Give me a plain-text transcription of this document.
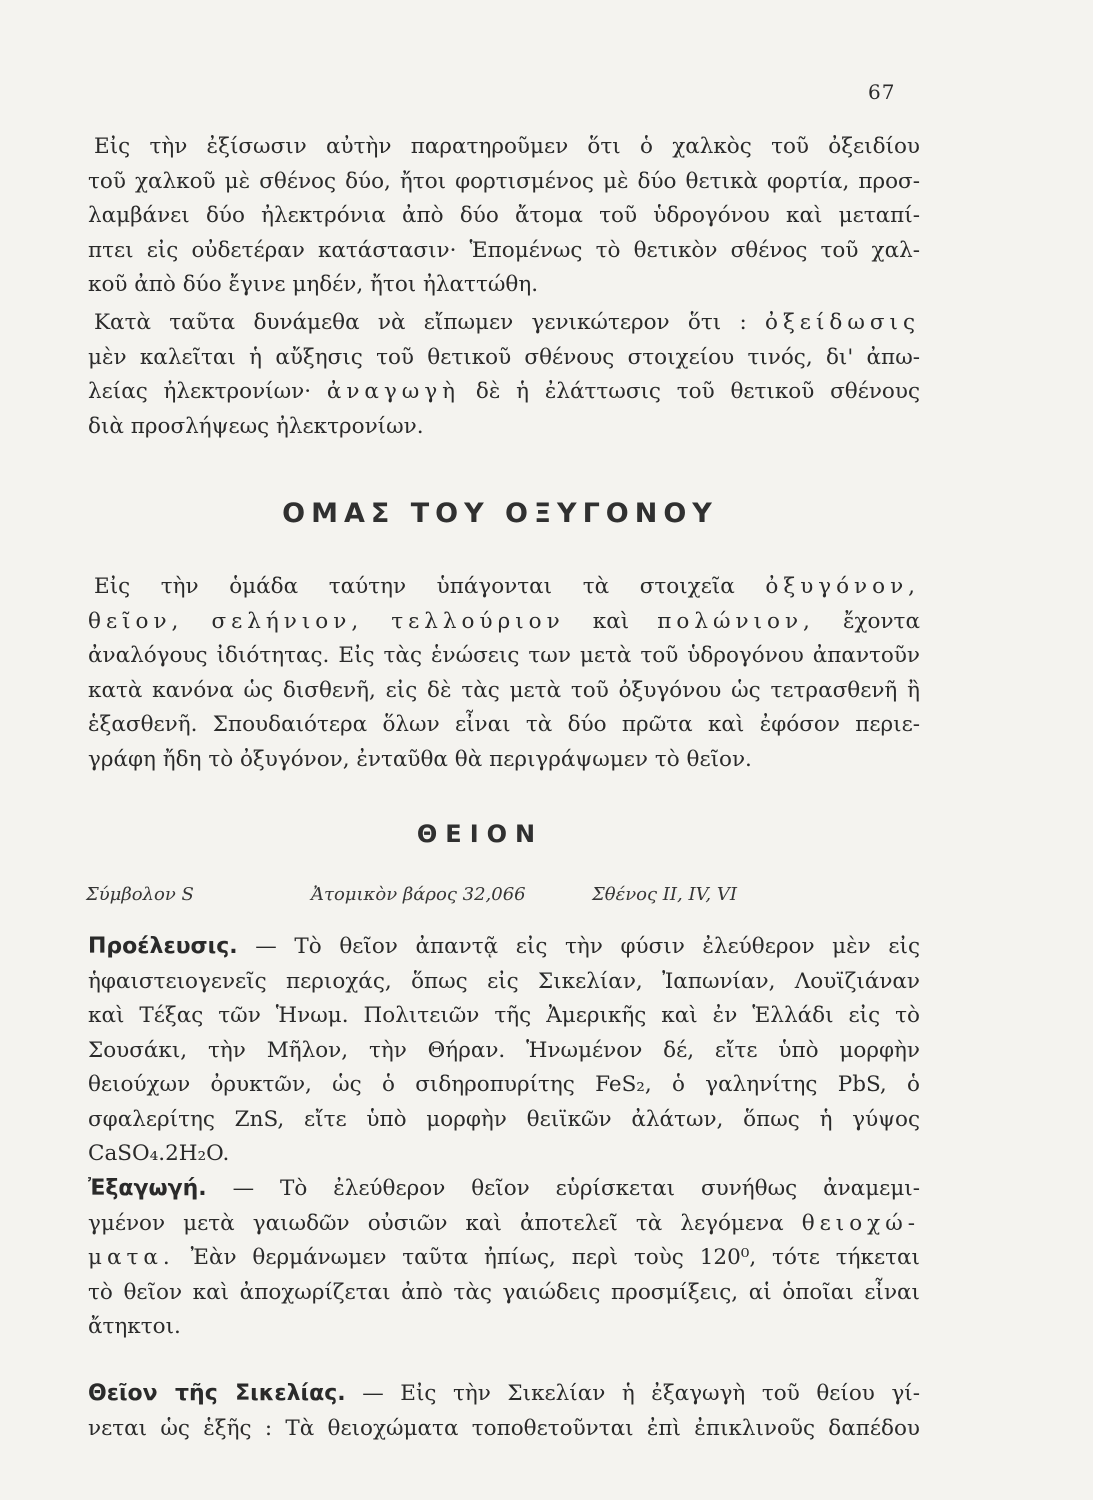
67
Εἰς τὴν ἐξίσωσιν αὐτὴν παρατηροῦμεν ὅτι ὁ χαλκὸς τοῦ ὀξειδίου
τοῦ χαλκοῦ μὲ σθένος δύο, ἤτοι φορτισμένος μὲ δύο θετικὰ φορτία, προσ-
λαμβάνει δύο ἠλεκτρόνια ἀπὸ δύο ἄτομα τοῦ ὑδρογόνου καὶ μεταπί-
πτει εἰς οὐδετέραν κατάστασιν· Ἑπομένως τὸ θετικὸν σθένος τοῦ χαλ-
κοῦ ἀπὸ δύο ἔγινε μηδέν, ἤτοι ἠλαττώθη.
Κατὰ ταῦτα δυνάμεθα νὰ εἴπωμεν γενικώτερον ὅτι : ὀξείδωσις
μὲν καλεῖται ἡ αὔξησις τοῦ θετικοῦ σθένους στοιχείου τινός, δι' ἀπω-
λείας ἠλεκτρονίων· ἀναγωγὴ δὲ ἡ ἐλάττωσις τοῦ θετικοῦ σθένους
διὰ προσλήψεως ἠλεκτρονίων.
ΟΜΑΣ ΤΟΥ ΟΞΥΓΟΝΟΥ
Εἰς τὴν ὁμάδα ταύτην ὑπάγονται τὰ στοιχεῖα ὀξυγόνον,
θεῖον, σελήνιον, τελλούριον καὶ πολώνιον, ἔχοντα
ἀναλόγους ἰδιότητας. Εἰς τὰς ἑνώσεις των μετὰ τοῦ ὑδρογόνου ἀπαντοῦν
κατὰ κανόνα ὡς δισθενῆ, εἰς δὲ τὰς μετὰ τοῦ ὀξυγόνου ὡς τετρασθενῆ ἢ
ἑξασθενῆ. Σπουδαιότερα ὅλων εἶναι τὰ δύο πρῶτα καὶ ἐφόσον περιε-
γράφη ἤδη τὸ ὀξυγόνον, ἐνταῦθα θὰ περιγράψωμεν τὸ θεῖον.
ΘΕΙΟΝ
Σύμβολον S	Ἀτομικὸν βάρος 32,066	Σθένος II, IV, VI
Προέλευσις. — Τὸ θεῖον ἀπαντᾷ εἰς τὴν φύσιν ἐλεύθερον μὲν εἰς
ἡφαιστειογενεῖς περιοχάς, ὅπως εἰς Σικελίαν, Ἰαπωνίαν, Λουϊζιάναν
καὶ Τέξας τῶν Ἡνωμ. Πολιτειῶν τῆς Ἀμερικῆς καὶ ἐν Ἑλλάδι εἰς τὸ
Σουσάκι, τὴν Μῆλον, τὴν Θήραν. Ἡνωμένον δέ, εἴτε ὑπὸ μορφὴν
θειούχων ὀρυκτῶν, ὡς ὁ σιδηροπυρίτης FeS₂, ὁ γαληνίτης PbS, ὁ
σφαλερίτης ZnS, εἴτε ὑπὸ μορφὴν θειϊκῶν ἀλάτων, ὅπως ἡ γύψος
CaSO₄.2H₂O.
Ἐξαγωγή. — Τὸ ἐλεύθερον θεῖον εὑρίσκεται συνήθως ἀναμεμι-
γμένον μετὰ γαιωδῶν οὐσιῶν καὶ ἀποτελεῖ τὰ λεγόμενα θειοχώ-
ματα. Ἐὰν θερμάνωμεν ταῦτα ἠπίως, περὶ τοὺς 120⁰, τότε τήκεται
τὸ θεῖον καὶ ἀποχωρίζεται ἀπὸ τὰς γαιώδεις προσμίξεις, αἱ ὁποῖαι εἶναι
ἄτηκτοι.
Θεῖον τῆς Σικελίας. — Εἰς τὴν Σικελίαν ἡ ἐξαγωγὴ τοῦ θείου γί-
νεται ὡς ἑξῆς : Τὰ θειοχώματα τοποθετοῦνται ἐπὶ ἐπικλινοῦς δαπέδου
